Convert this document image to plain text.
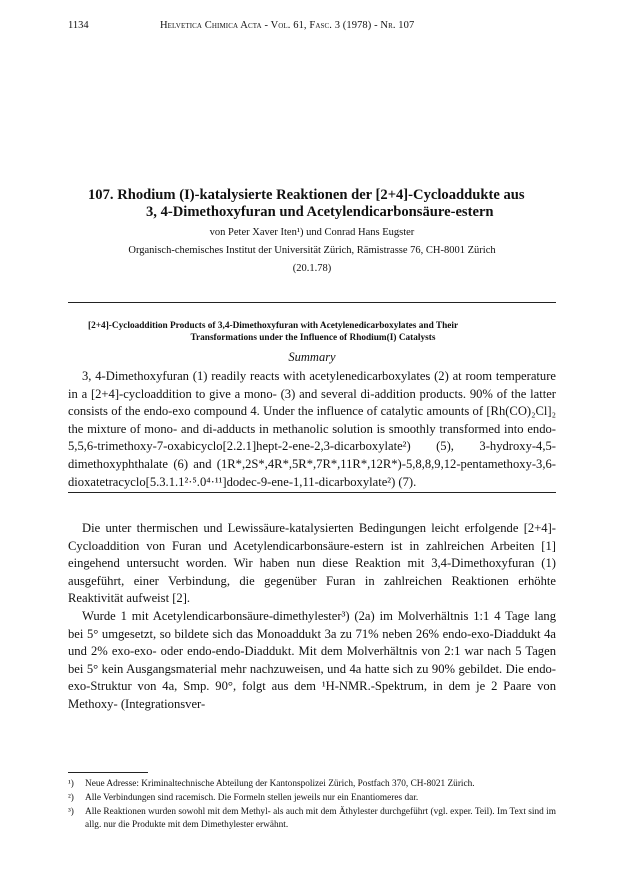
1134	Helvetica Chimica Acta - Vol. 61, Fasc. 3 (1978) - Nr. 107
107. Rhodium (I)-katalysierte Reaktionen der [2+4]-Cycloaddukte aus
3, 4-Dimethoxyfuran und Acetylendicarbonsäure-estern
von Peter Xaver Iten¹) und Conrad Hans Eugster
Organisch-chemisches Institut der Universität Zürich, Rämistrasse 76, CH-8001 Zürich
(20.1.78)
[2+4]-Cycloaddition Products of 3,4-Dimethoxyfuran with Acetylenedicarboxylates and Their
Transformations under the Influence of Rhodium(I) Catalysts
Summary

3, 4-Dimethoxyfuran (1) readily reacts with acetylenedicarboxylates (2) at room temperature in a [2+4]-cycloaddition to give a mono- (3) and several di-addition products. 90% of the latter consists of the endo-exo compound 4. Under the influence of catalytic amounts of [Rh(CO)₂Cl]₂ the mixture of mono- and di-adducts in methanolic solution is smoothly transformed into endo-5,5,6-trimethoxy-7-oxabicyclo[2.2.1]hept-2-ene-2,3-dicarboxylate²) (5), 3-hydroxy-4,5-dimethoxyphthalate (6) and (1R*,2S*,4R*,5R*,7R*,11R*,12R*)-5,8,8,9,12-pentamethoxy-3,6-dioxatetracyclo[5.3.1.1²·⁵.0⁴·¹¹]dodec-9-ene-1,11-dicarboxylate²) (7).

Die unter thermischen und Lewissäure-katalysierten Bedingungen leicht erfolgende [2+4]-Cycloaddition von Furan und Acetylendicarbonsäure-estern ist in zahlreichen Arbeiten [1] eingehend untersucht worden. Wir haben nun diese Reaktion mit 3,4-Dimethoxyfuran (1) ausgeführt, einer Verbindung, die gegenüber Furan in zahlreichen Reaktionen erhöhte Reaktivität aufweist [2].

Wurde 1 mit Acetylendicarbonsäure-dimethylester³) (2a) im Molverhältnis 1:1 4 Tage lang bei 5° umgesetzt, so bildete sich das Monoaddukt 3a zu 71% neben 26% endo-exo-Diaddukt 4a und 2% exo-exo- oder endo-endo-Diaddukt. Mit dem Molverhältnis von 2:1 war nach 5 Tagen bei 5° kein Ausgangsmaterial mehr nachzuweisen, und 4a hatte sich zu 90% gebildet. Die endo-exo-Struktur von 4a, Smp. 90°, folgt aus dem ¹H-NMR.-Spektrum, in dem je 2 Paare von Methoxy- (Integrationsver-

¹) Neue Adresse: Kriminaltechnische Abteilung der Kantonspolizei Zürich, Postfach 370, CH-8021 Zürich.
²) Alle Verbindungen sind racemisch. Die Formeln stellen jeweils nur ein Enantiomeres dar.
³) Alle Reaktionen wurden sowohl mit dem Methyl- als auch mit dem Äthylester durchgeführt (vgl. exper. Teil). Im Text sind im allg. nur die Produkte mit dem Dimethylester erwähnt.
